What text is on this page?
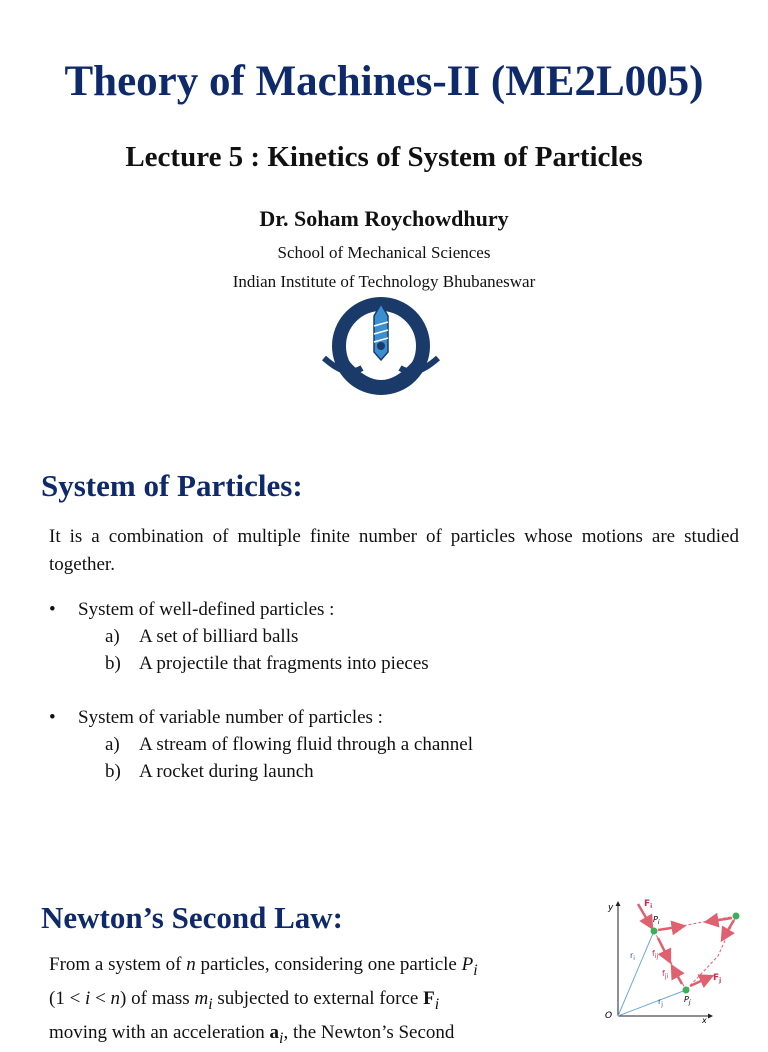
Theory of Machines-II (ME2L005)
Lecture 5 : Kinetics of System of Particles
Dr. Soham Roychowdhury
School of Mechanical Sciences
Indian Institute of Technology Bhubaneswar
System of Particles:
It is a combination of multiple finite number of particles whose motions are studied together.
• System of well-defined particles :
a) A set of billiard balls
b) A projectile that fragments into pieces
• System of variable number of particles :
a) A stream of flowing fluid through a channel
b) A rocket during launch
Newton’s Second Law:
From a system of n particles, considering one particle $P_i$
(1 < i < n) of mass $m_i$ subjected to external force $F_i$
moving with an acceleration $a_i$, the Newton’s Second
y
x
O
$r_i$
$r_j$
$F_i$
$P_i$
$f_{ij}$
$f_{ji}$	$F_j$
$P_j$
